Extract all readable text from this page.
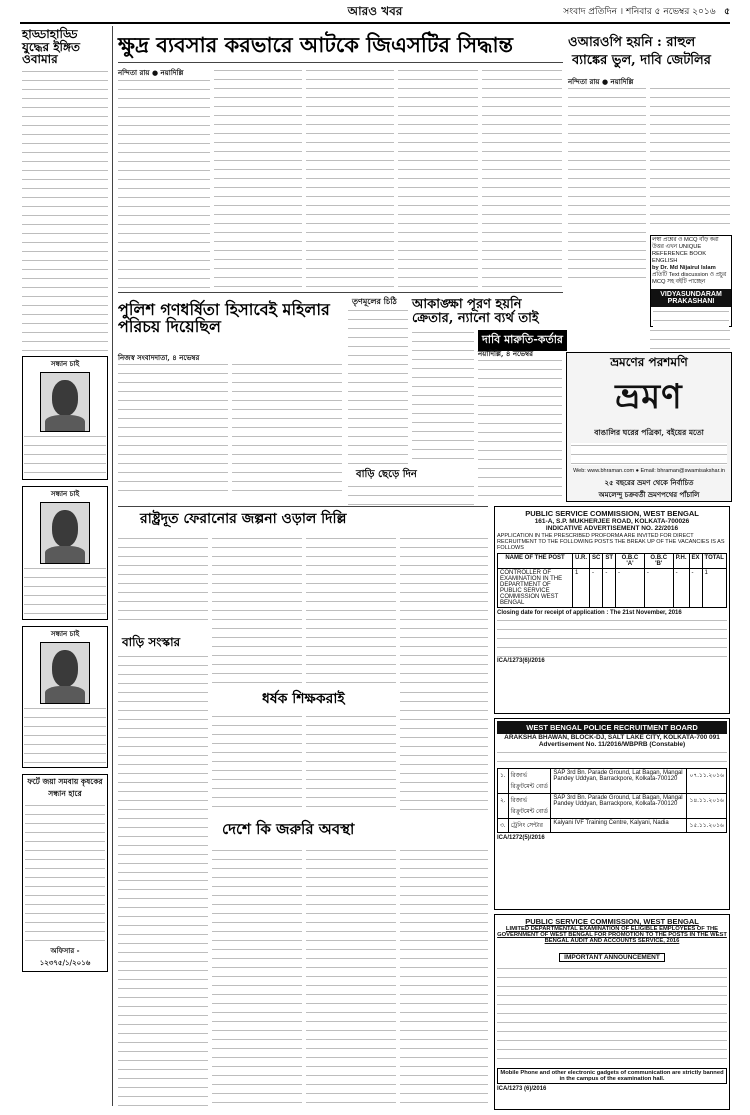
আরও খবর	সংবাদ প্রতিদিন । শনিবার ৫ নভেম্বর ২০১৬ ৫
হাড্ডাহাড্ডি যুদ্ধের ইঙ্গিত ওবামার
সন্ধান চাই
সন্ধান চাই
সন্ধান চাই
ফর্টে জয়া সমবায় কৃষকের সন্ধান হারে
অফিসার - ১২৩৭৫/১/২০১৬
ক্ষুদ্র ব্যবসার করভারে আটকে জিএসটির সিদ্ধান্ত
নন্দিতা রায় ● নয়াদিল্লি
ওআরওপি হয়নি : রাহুল
ব্যাঙ্কের ভুল, দাবি জেটলির
নন্দিতা রায় ● নয়াদিল্লি
লম্বা প্রশ্নের ও MCQ বাঁড় করা উত্তর এখন UNIQUE REFERENCE BOOK ENGLISH
by Dr. Md Nijairul Islam
প্রতিটি Text discussion ও প্রচুর MCQ সহ বইটি পাচ্ছেন
VIDYASUNDARAM PRAKASHANI
পুলিশ গণধর্ষিতা হিসাবেই মহিলার পরিচয় দিয়েছিল
নিজস্ব সংবাদদাতা, ৪ নভেম্বর
তৃণমূলের চিঠি আকাঙ্ক্ষা পূরণ হয়নি ক্রেতার, ন্যানো ব্যর্থ তাই
দাবি মারুতি-কর্তার
নয়াদিল্লি, ৪ নভেম্বর
বাড়ি ছেড়ে দিন
ভ্রমণের পরশমণি
ভ্রমণ
বাঙালির ঘরের পত্রিকা, বইয়ের মতো
Web: www.bhraman.com ● Email: bhraman@swamisakshar.in
২৫ বছরের ভ্রমণ থেকে নির্বাচিত
অমলেন্দু চক্রবর্তী ভ্রমণপথের পাঁচালি
রাষ্ট্রদূত ফেরানোর জল্পনা ওড়াল দিল্লি
বাড়ি সংস্কার
ধর্ষক শিক্ষকরাই
দেশে কি জরুরি অবস্থা
PUBLIC SERVICE COMMISSION, WEST BENGAL
161-A, S.P. MUKHERJEE ROAD, KOLKATA-700026
INDICATIVE ADVERTISEMENT NO. 22/2016
APPLICATION IN THE PRESCRIBED PROFORMA ARE INVITED FOR DIRECT RECRUITMENT TO THE FOLLOWING POSTS THE BREAK UP OF THE VACANCIES IS AS FOLLOWS
NAME OF THE POST	U.R.	SC	ST	O.B.C 'A'	O.B.C 'B'	P.H.	EX	TOTAL
CONTROLLER OF EXAMINATION IN THE DEPARTMENT OF PUBLIC SERVICE COMMISSION WEST BENGAL	1	-	-	-	-	-	-	1
Closing date for receipt of application : The 21st November, 2016
ICA/1273(6)/2016
WEST BENGAL POLICE RECRUITMENT BOARD
ARAKSHA BHAWAN, BLOCK-DJ, SALT LAKE CITY, KOLKATA-700 091
Advertisement No. 11/2016/WBPRB (Constable)
১.	রিজার্ভ রিক্রুটমেন্ট বোর্ড	SAP 3rd Bn. Parade Ground, Lat Bagan, Mangal Pandey Uddyan, Barrackpore, Kolkata-700120	০৭.১১.২০১৬
২.	রিজার্ভ রিক্রুটমেন্ট বোর্ড	SAP 3rd Bn. Parade Ground, Lat Bagan, Mangal Pandey Uddyan, Barrackpore, Kolkata-700120	১৪.১১.২০১৬
৩.	ট্রেনিং সেন্টার	Kalyani IVF Training Centre, Kalyani, Nadia	১৫.১১.২০১৬
ICA/1272(5)/2016
PUBLIC SERVICE COMMISSION, WEST BENGAL
LIMITED DEPARTMENTAL EXAMINATION OF ELIGIBLE EMPLOYEES OF THE GOVERNMENT OF WEST BENGAL FOR PROMOTION TO THE POSTS IN THE WEST BENGAL AUDIT AND ACCOUNTS SERVICE, 2016
IMPORTANT ANNOUNCEMENT
Mobile Phone and other electronic gadgets of communication are strictly banned in the campus of the examination hall.
ICA/1273 (6)/2016
